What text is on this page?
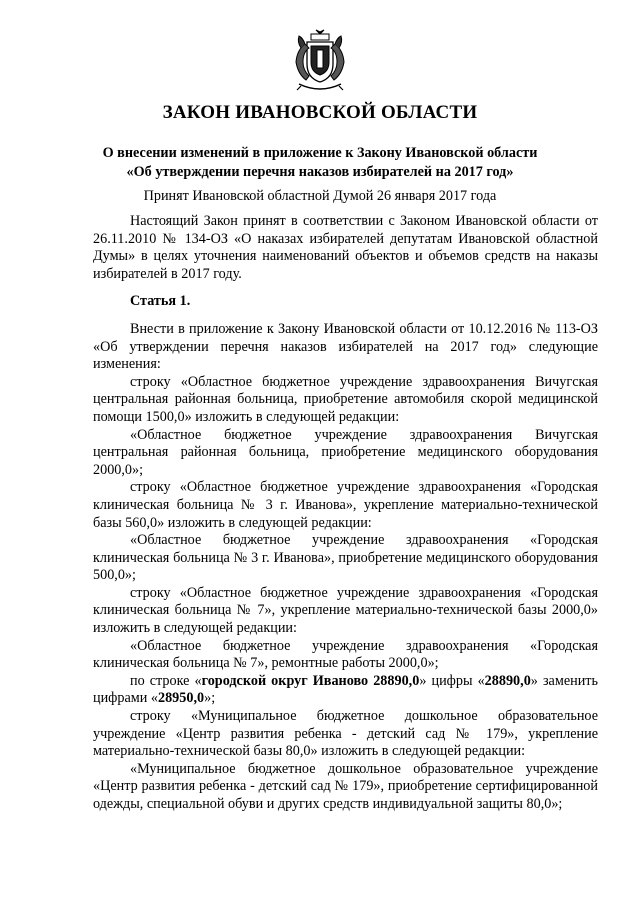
ЗАКОН ИВАНОВСКОЙ ОБЛАСТИ
О внесении изменений в приложение к Закону Ивановской области
«Об утверждении перечня наказов избирателей на 2017 год»
Принят Ивановской областной Думой 26 января 2017 года

Настоящий Закон принят в соответствии с Законом Ивановской области от 26.11.2010 № 134-ОЗ «О наказах избирателей депутатам Ивановской областной Думы» в целях уточнения наименований объектов и объемов средств на наказы избирателей в 2017 году.

Статья 1.

Внести в приложение к Закону Ивановской области от 10.12.2016 № 113-ОЗ «Об утверждении перечня наказов избирателей на 2017 год» следующие изменения:

строку «Областное бюджетное учреждение здравоохранения Вичугская центральная районная больница, приобретение автомобиля скорой медицинской помощи 1500,0» изложить в следующей редакции:

«Областное бюджетное учреждение здравоохранения Вичугская центральная районная больница, приобретение медицинского оборудования 2000,0»;

строку «Областное бюджетное учреждение здравоохранения «Городская клиническая больница № 3 г. Иванова», укрепление материально-технической базы 560,0» изложить в следующей редакции:

«Областное бюджетное учреждение здравоохранения «Городская клиническая больница № 3 г. Иванова», приобретение медицинского оборудования 500,0»;

строку «Областное бюджетное учреждение здравоохранения «Городская клиническая больница № 7», укрепление материально-технической базы 2000,0» изложить в следующей редакции:

«Областное бюджетное учреждение здравоохранения «Городская клиническая больница № 7», ремонтные работы 2000,0»;

по строке «городской округ Иваново 28890,0» цифры «28890,0» заменить цифрами «28950,0»;

строку «Муниципальное бюджетное дошкольное образовательное учреждение «Центр развития ребенка - детский сад № 179», укрепление материально-технической базы 80,0» изложить в следующей редакции:

«Муниципальное бюджетное дошкольное образовательное учреждение «Центр развития ребенка - детский сад № 179», приобретение сертифицированной одежды, специальной обуви и других средств индивидуальной защиты 80,0»;
